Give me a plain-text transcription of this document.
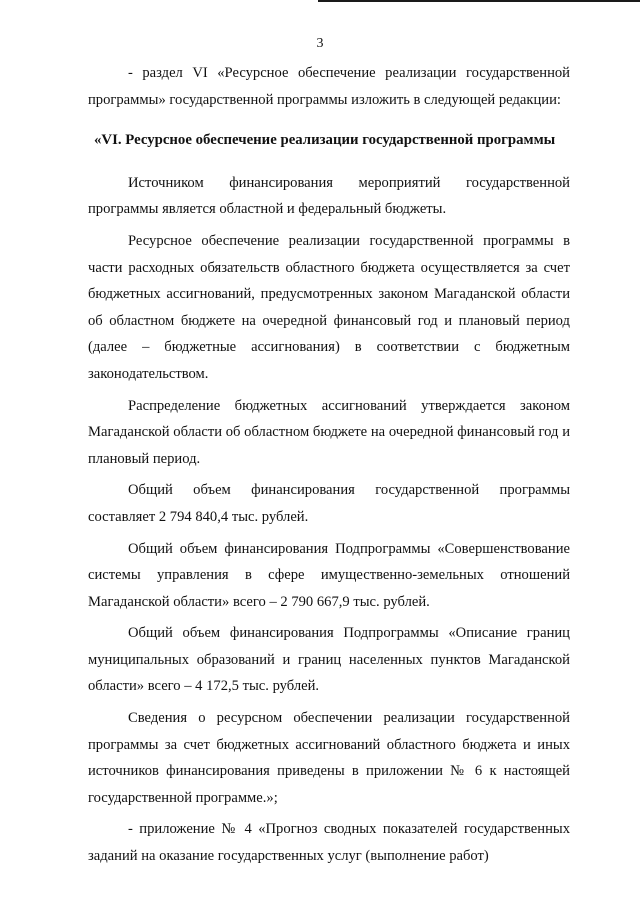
3

- раздел VI «Ресурсное обеспечение реализации государственной программы» государственной программы изложить в следующей редакции:

«VI. Ресурсное обеспечение реализации государственной программы

Источником финансирования мероприятий государственной программы является областной и федеральный бюджеты.

Ресурсное обеспечение реализации государственной программы в части расходных обязательств областного бюджета осуществляется за счет бюджетных ассигнований, предусмотренных законом Магаданской области об областном бюджете на очередной финансовый год и плановый период (далее – бюджетные ассигнования) в соответствии с бюджетным законодательством.

Распределение бюджетных ассигнований утверждается законом Магаданской области об областном бюджете на очередной финансовый год и плановый период.

Общий объем финансирования государственной программы составляет 2 794 840,4 тыс. рублей.

Общий объем финансирования Подпрограммы «Совершенствование системы управления в сфере имущественно-земельных отношений Магаданской области» всего – 2 790 667,9 тыс. рублей.

Общий объем финансирования Подпрограммы «Описание границ муниципальных образований и границ населенных пунктов Магаданской области» всего – 4 172,5 тыс. рублей.

Сведения о ресурсном обеспечении реализации государственной программы за счет бюджетных ассигнований областного бюджета и иных источников финансирования приведены в приложении № 6 к настоящей государственной программе.»;

- приложение № 4 «Прогноз сводных показателей государственных заданий на оказание государственных услуг (выполнение работ)
